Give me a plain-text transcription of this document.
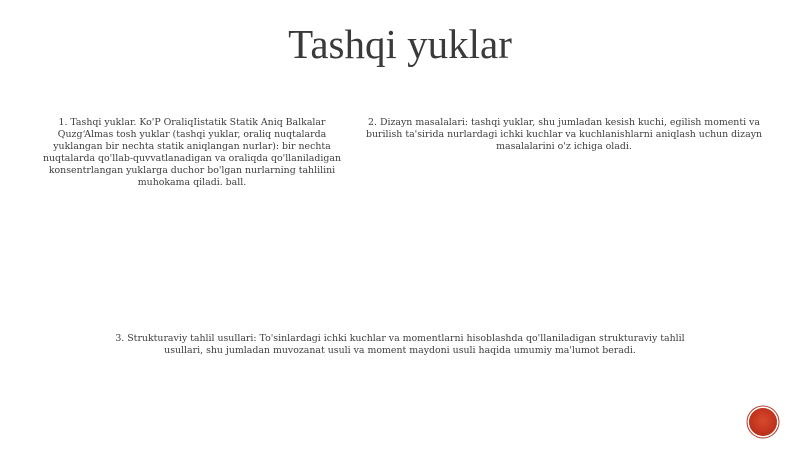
Tashqi yuklar
1. Tashqi yuklar. Ko'P OraliqIistatik Statik Aniq Balkalar QuzgʻAlmas tosh yuklar (tashqi yuklar, oraliq nuqtalarda yuklangan bir nechta statik aniqlangan nurlar): bir nechta nuqtalarda qo'llab-quvvatlanadigan va oraliqda qo'llaniladigan konsentrlangan yuklarga duchor bo'lgan nurlarning tahlilini muhokama qiladi. ball.
2. Dizayn masalalari: tashqi yuklar, shu jumladan kesish kuchi, egilish momenti va burilish ta'sirida nurlardagi ichki kuchlar va kuchlanishlarni aniqlash uchun dizayn masalalarini o'z ichiga oladi.
3. Strukturaviy tahlil usullari: To'sinlardagi ichki kuchlar va momentlarni hisoblashda qo'llaniladigan strukturaviy tahlil usullari, shu jumladan muvozanat usuli va moment maydoni usuli haqida umumiy ma'lumot beradi.
